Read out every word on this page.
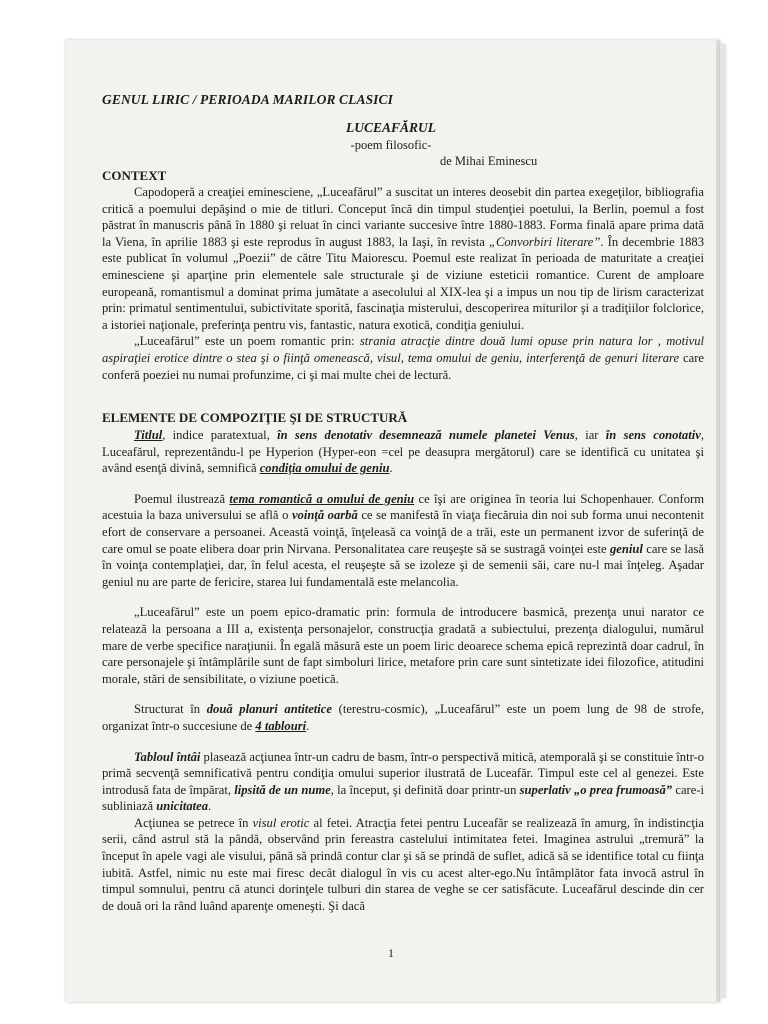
GENUL LIRIC / PERIOADA MARILOR CLASICI
LUCEAFĂRUL
-poem filosofic-
de Mihai Eminescu
CONTEXT

Capodoperă a creaţiei eminesciene, „Luceafărul” a suscitat un interes deosebit din partea exegeţilor, bibliografia critică a poemului depăşind o mie de titluri. Conceput încă din timpul studenţiei poetului, la Berlin, poemul a fost păstrat în manuscris până în 1880 şi reluat în cinci variante succesive între 1880-1883. Forma finală apare prima dată la Viena, în aprilie 1883 şi este reprodus în august 1883, la Iaşi, în revista „Convorbiri literare”. În decembrie 1883 este publicat în volumul „Poezii” de către Titu Maiorescu. Poemul este realizat în perioada de maturitate a creaţiei eminesciene şi aparţine prin elementele sale structurale şi de viziune esteticii romantice. Curent de amploare europeană, romantismul a dominat prima jumătate a asecolului al XIX-lea şi a impus un nou tip de lirism caracterizat prin: primatul sentimentului, subictivitate sporită, fascinaţia misterului, descoperirea miturilor şi a tradiţiilor folclorice, a istoriei naţionale, preferinţa pentru vis, fantastic, natura exotică, condiţia geniului.

„Luceafărul” este un poem romantic prin: strania atracţie dintre două lumi opuse prin natura lor , motivul aspiraţiei erotice dintre o stea şi o fiinţă omenească, visul, tema omului de geniu, interferenţă de genuri literare care conferă poeziei nu numai profunzime, ci şi mai multe chei de lectură.

ELEMENTE DE COMPOZIŢIE ŞI DE STRUCTURĂ

Titlul, indice paratextual, în sens denotativ desemnează numele planetei Venus, iar în sens conotativ, Luceafărul, reprezentându-l pe Hyperion (Hyper-eon =cel pe deasupra mergătorul) care se identifică cu unitatea şi având esenţă divină, semnifică condiţia omului de geniu.

Poemul ilustrează tema romantică a omului de geniu ce îşi are originea în teoria lui Schopenhauer. Conform acestuia la baza universului se află o voinţă oarbă ce se manifestă în viaţa fiecăruia din noi sub forma unui necontenit efort de conservare a persoanei. Această voinţă, înţeleasă ca voinţă de a trăi, este un permanent izvor de suferinţă de care omul se poate elibera doar prin Nirvana. Personalitatea care reuşeşte să se sustragă voinţei este geniul care se lasă în voinţa contemplaţiei, dar, în felul acesta, el reuşeşte să se izoleze şi de semenii săi, care nu-l mai înţeleg. Aşadar geniul nu are parte de fericire, starea lui fundamentală este melancolia.

„Luceafărul” este un poem epico-dramatic prin: formula de introducere basmică, prezenţa unui narator ce relatează la persoana a III a, existenţa personajelor, construcţia gradată a subiectului, prezenţa dialogului, numărul mare de verbe specifice naraţiunii. În egală măsură este un poem liric deoarece schema epică reprezintă doar cadrul, în care personajele şi întâmplările sunt de fapt simboluri lirice, metafore prin care sunt sintetizate idei filozofice, atitudini morale, stări de sensibilitate, o viziune poetică.

Structurat în două planuri antitetice (terestru-cosmic), „Luceafărul” este un poem lung de 98 de strofe, organizat într-o succesiune de 4 tablouri.

Tabloul întâi plasează acţiunea într-un cadru de basm, într-o perspectivă mitică, atemporală şi se constituie într-o primă secvenţă semnificativă pentru condiţia omului superior ilustrată de Luceafăr. Timpul este cel al genezei. Este introdusă fata de împărat, lipsită de un nume, la început, şi definită doar printr-un superlativ „o prea frumoasă” care-i subliniază unicitatea.

Acţiunea se petrece în visul erotic al fetei. Atracţia fetei pentru Luceafăr se realizează în amurg, în indistincţia serii, când astrul stă la pândă, observând prin fereastra castelului intimitatea fetei. Imaginea astrului „tremură” la început în apele vagi ale visului, până să prindă contur clar şi să se prindă de suflet, adică să se identifice total cu fiinţa iubită. Astfel, nimic nu este mai firesc decât dialogul în vis cu acest alter-ego.Nu întâmplător fata invocă astrul în timpul somnului, pentru că atunci dorinţele tulburi din starea de veghe se cer satisfăcute. Luceafărul descinde din cer de două ori la rând luând aparenţe omeneşti. Şi dacă

1
